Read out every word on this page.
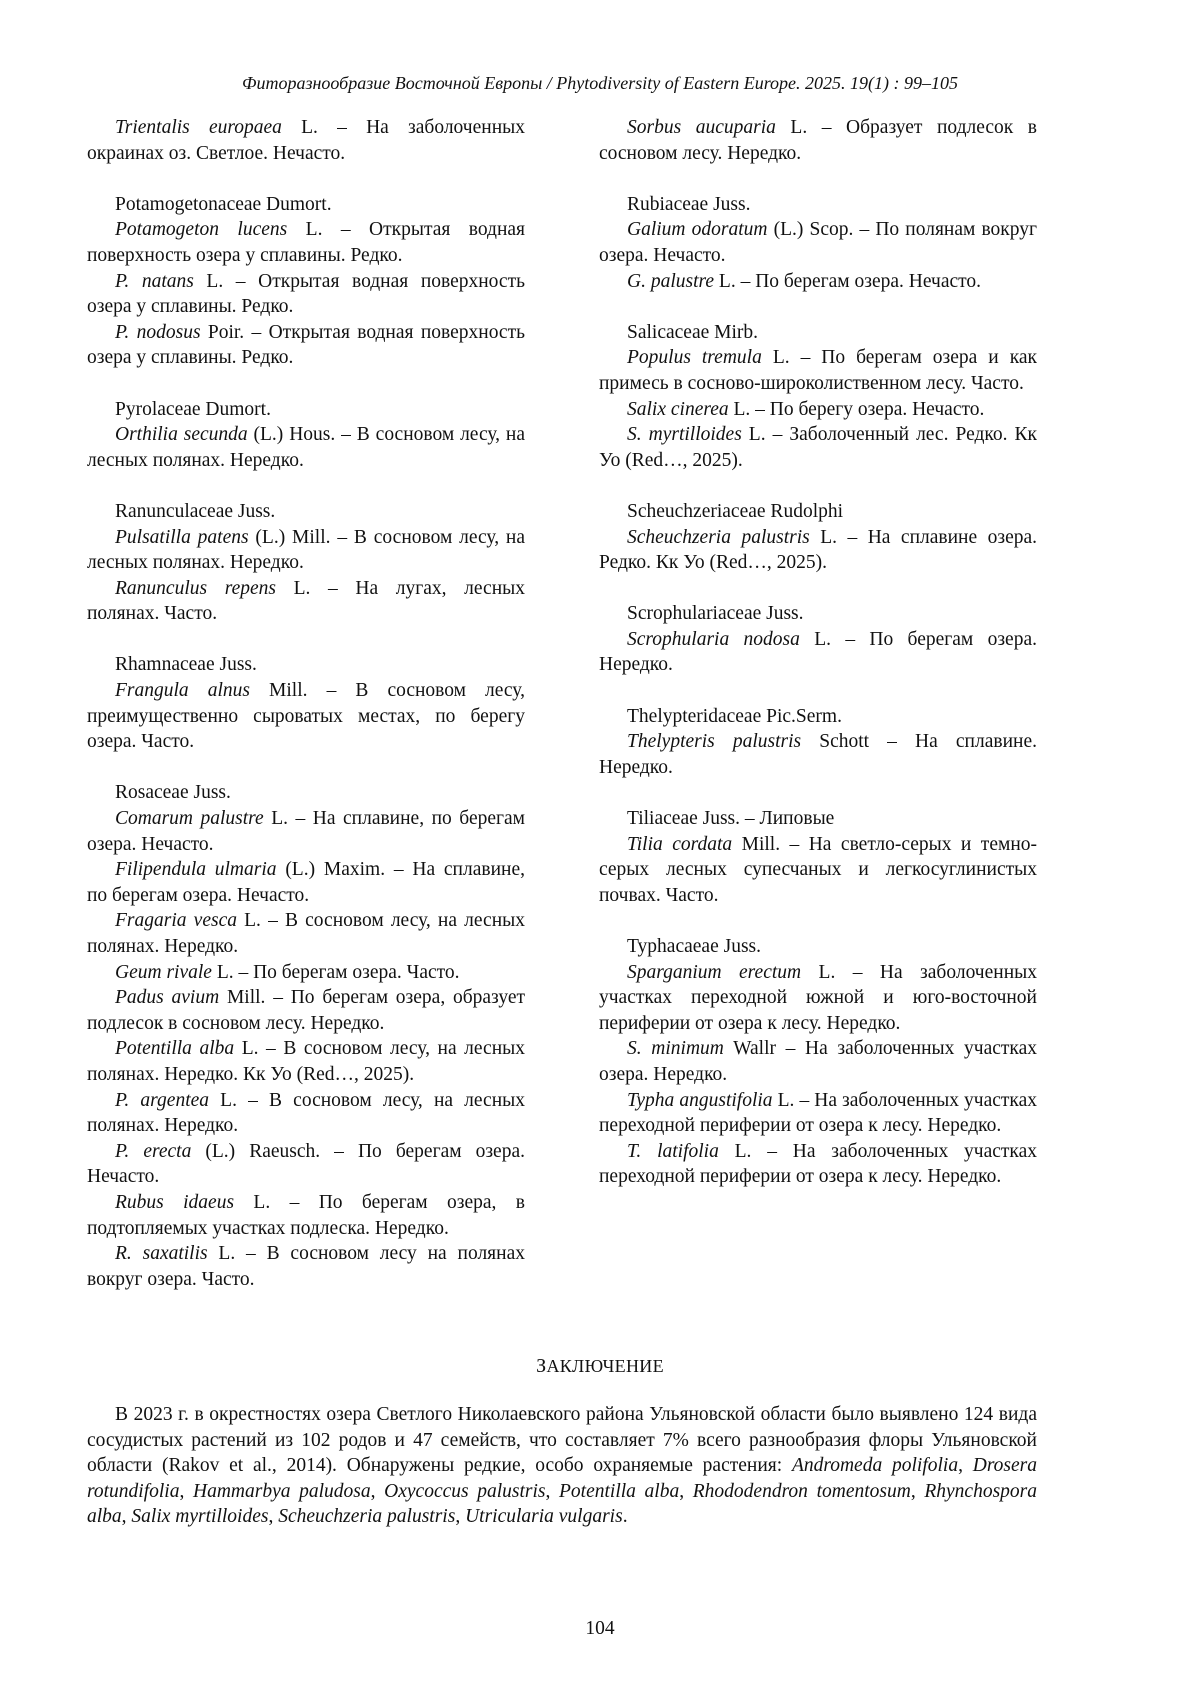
Фиторазнообразие Восточной Европы / Phytodiversity of Eastern Europe. 2025. 19(1) : 99–105

Trientalis europaea L. – На заболоченных окраинах оз. Светлое. Нечасто.

Potamogetonaceae Dumort.

Potamogeton lucens L. – Открытая водная поверхность озера у сплавины. Редко.

P. natans L. – Открытая водная поверхность озера у сплавины. Редко.

P. nodosus Poir. – Открытая водная поверхность озера у сплавины. Редко.

Pyrolaceae Dumort.

Orthilia secunda (L.) Hous. – В сосновом лесу, на лесных полянах. Нередко.

Ranunculaceae Juss.

Pulsatilla patens (L.) Mill. – В сосновом лесу, на лесных полянах. Нередко.

Ranunculus repens L. – На лугах, лесных полянах. Часто.

Rhamnaceae Juss.

Frangula alnus Mill. – В сосновом лесу, преимущественно сыроватых местах, по берегу озера. Часто.

Rosaceae Juss.

Comarum palustre L. – На сплавине, по берегам озера. Нечасто.

Filipendula ulmaria (L.) Maxim. – На сплавине, по берегам озера. Нечасто.

Fragaria vesca L. – В сосновом лесу, на лесных полянах. Нередко.

Geum rivale L. – По берегам озера. Часто.

Padus avium Mill. – По берегам озера, образует подлесок в сосновом лесу. Нередко.

Potentilla alba L. – В сосновом лесу, на лесных полянах. Нередко. Кк Уо (Red…, 2025).

P. argentea L. – В сосновом лесу, на лесных полянах. Нередко.

P. erecta (L.) Raeusch. – По берегам озера. Нечасто.

Rubus idaeus L. – По берегам озера, в подтопляемых участках подлеска. Нередко.

R. saxatilis L. – В сосновом лесу на полянах вокруг озера. Часто.

Sorbus aucuparia L. – Образует подлесок в сосновом лесу. Нередко.

Rubiaceae Juss.

Galium odoratum (L.) Scop. – По полянам вокруг озера. Нечасто.

G. palustre L. – По берегам озера. Нечасто.

Salicaceae Mirb.

Populus tremula L. – По берегам озера и как примесь в сосново-широколиственном лесу. Часто.

Salix cinerea L. – По берегу озера. Нечасто.

S. myrtilloides L. – Заболоченный лес. Редко. Кк Уо (Red…, 2025).

Scheuchzeriaceae Rudolphi

Scheuchzeria palustris L. – На сплавине озера. Редко. Кк Уо (Red…, 2025).

Scrophulariaceae Juss.

Scrophularia nodosa L. – По берегам озера. Нередко.

Thelypteridaceae Pic.Serm.

Thelypteris palustris Schott – На сплавине. Нередко.

Tiliaceae Juss. – Липовые

Tilia cordata Mill. – На светло-серых и темно-серых лесных супесчаных и легкосуглинистых почвах. Часто.

Typhacaeae Juss.

Sparganium erectum L. – На заболоченных участках переходной южной и юго-восточной периферии от озера к лесу. Нередко.

S. minimum Wallr – На заболоченных участках озера. Нередко.

Typha angustifolia L. – На заболоченных участках переходной периферии от озера к лесу. Нередко.

T. latifolia L. – На заболоченных участках переходной периферии от озера к лесу. Нередко.

ЗАКЛЮЧЕНИЕ

В 2023 г. в окрестностях озера Светлого Николаевского района Ульяновской области было выявлено 124 вида сосудистых растений из 102 родов и 47 семейств, что составляет 7% всего разнообразия флоры Ульяновской области (Rakov et al., 2014). Обнаружены редкие, особо охраняемые растения: Andromeda polifolia, Drosera rotundifolia, Hammarbya paludosa, Oxycoccus palustris, Potentilla alba, Rhododendron tomentosum, Rhynchospora alba, Salix myrtilloides, Scheuchzeria palustris, Utricularia vulgaris.

104
